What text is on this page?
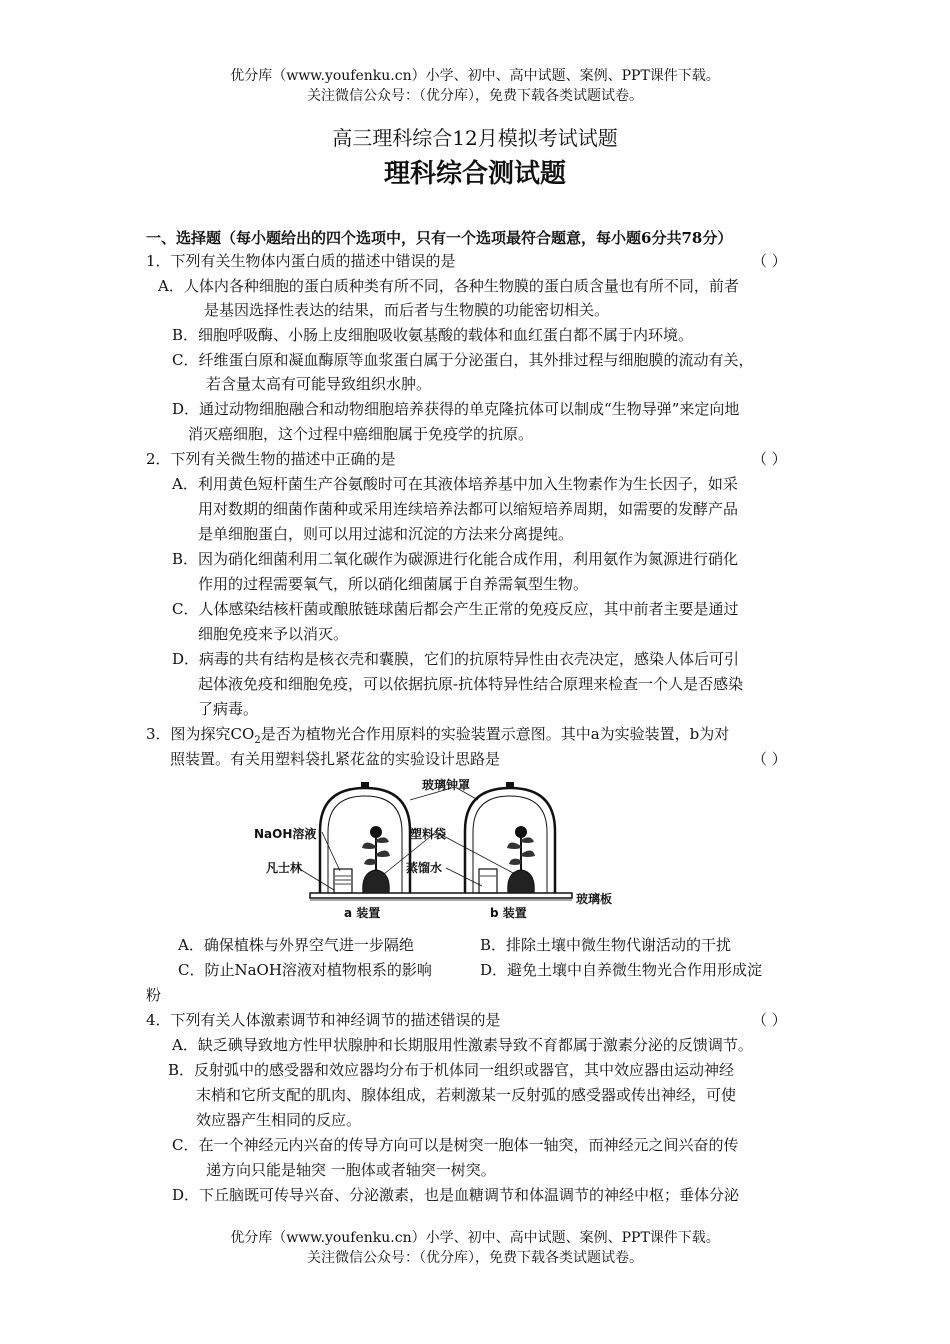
优分库（www.youfenku.cn）小学、初中、高中试题、案例、PPT课件下载。
关注微信公众号：（优分库），免费下载各类试题试卷。
高三理科综合12月模拟考试试题
理科综合测试题
一、选择题（每小题给出的四个选项中，只有一个选项最符合题意，每小题6分共78分）
1．下列有关生物体内蛋白质的描述中错误的是	（ ）
A．人体内各种细胞的蛋白质种类有所不同，各种生物膜的蛋白质含量也有所不同，前者
是基因选择性表达的结果，而后者与生物膜的功能密切相关。
B．细胞呼吸酶、小肠上皮细胞吸收氨基酸的载体和血红蛋白都不属于内环境。
C．纤维蛋白原和凝血酶原等血浆蛋白属于分泌蛋白，其外排过程与细胞膜的流动有关，
若含量太高有可能导致组织水肿。
D．通过动物细胞融合和动物细胞培养获得的单克隆抗体可以制成“生物导弹”来定向地
消灭癌细胞，这个过程中癌细胞属于免疫学的抗原。
2．下列有关微生物的描述中正确的是	（ ）
A．利用黄色短杆菌生产谷氨酸时可在其液体培养基中加入生物素作为生长因子，如采
用对数期的细菌作菌种或采用连续培养法都可以缩短培养周期，如需要的发酵产品
是单细胞蛋白，则可以用过滤和沉淀的方法来分离提纯。
B．因为硝化细菌利用二氧化碳作为碳源进行化能合成作用，利用氨作为氮源进行硝化
作用的过程需要氧气，所以硝化细菌属于自养需氧型生物。
C．人体感染结核杆菌或酿脓链球菌后都会产生正常的免疫反应，其中前者主要是通过
细胞免疫来予以消灭。
D．病毒的共有结构是核衣壳和囊膜，它们的抗原特异性由衣壳决定，感染人体后可引
起体液免疫和细胞免疫，可以依据抗原-抗体特异性结合原理来检查一个人是否感染
了病毒。
3．图为探究$CO_2$是否为植物光合作用原料的实验装置示意图。其中a为实验装置，b为对
照装置。有关用塑料袋扎紧花盆的实验设计思路是	（ ）
玻璃钟罩
NaOH溶液	塑料袋
凡士林	蒸馏水
玻璃板
a 装置	b 装置
A．确保植株与外界空气进一步隔绝	B．排除土壤中微生物代谢活动的干扰
C．防止NaOH溶液对植物根系的影响	D．避免土壤中自养微生物光合作用形成淀
粉
4．下列有关人体激素调节和神经调节的描述错误的是	（ ）
A．缺乏碘导致地方性甲状腺肿和长期服用性激素导致不育都属于激素分泌的反馈调节。
B．反射弧中的感受器和效应器均分布于机体同一组织或器官，其中效应器由运动神经
末梢和它所支配的肌肉、腺体组成，若刺激某一反射弧的感受器或传出神经，可使
效应器产生相同的反应。
C．在一个神经元内兴奋的传导方向可以是树突一胞体一轴突，而神经元之间兴奋的传
递方向只能是轴突 一胞体或者轴突一树突。
D．下丘脑既可传导兴奋、分泌激素，也是血糖调节和体温调节的神经中枢；垂体分泌
优分库（www.youfenku.cn）小学、初中、高中试题、案例、PPT课件下载。
关注微信公众号：（优分库），免费下载各类试题试卷。
